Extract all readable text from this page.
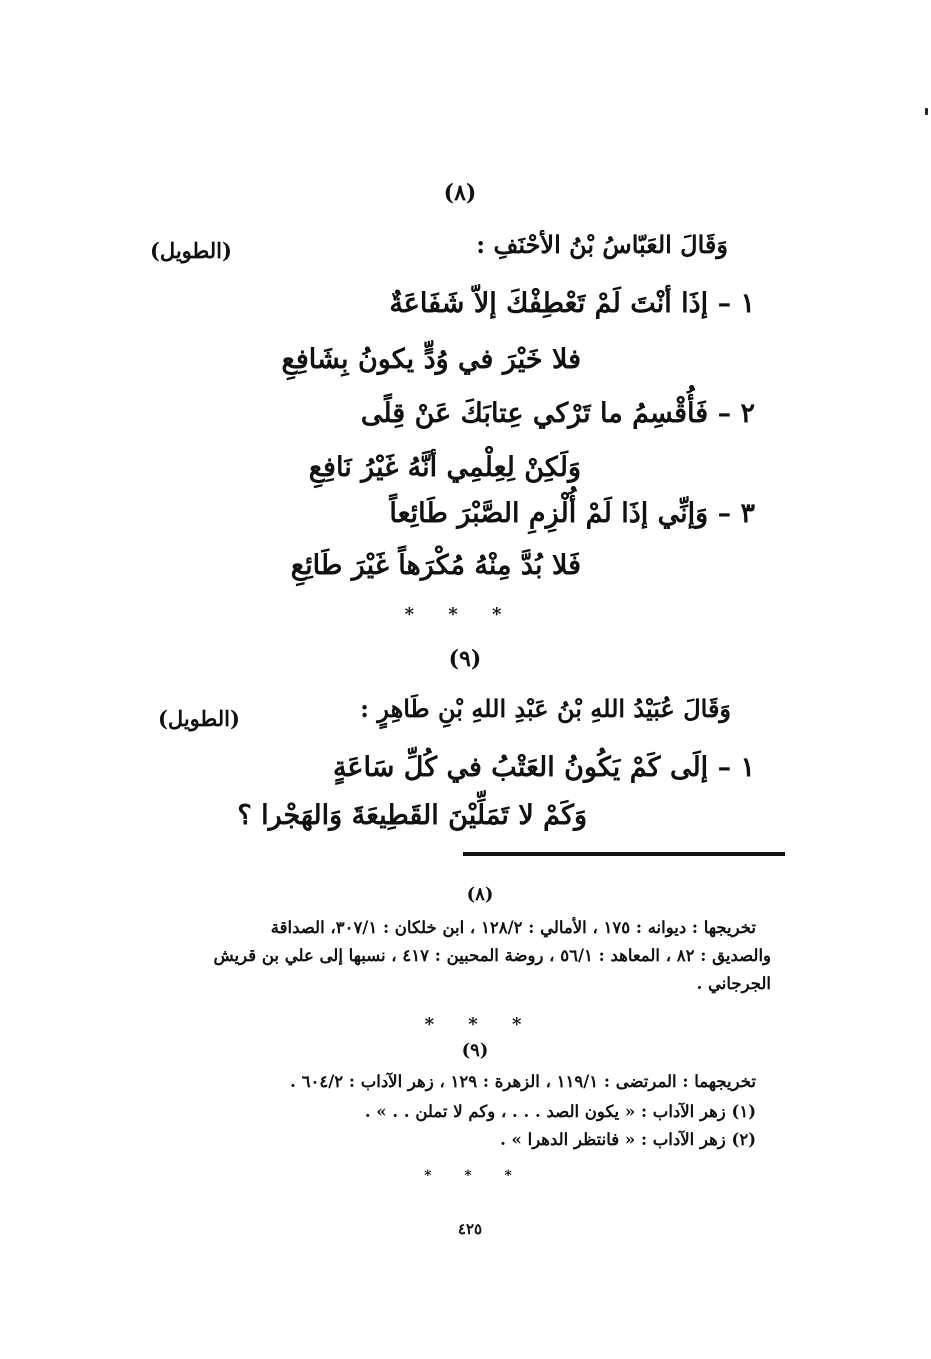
(٨)
وَقَالَ العَبّاسُ بْنُ الأحْنَفِ :
(الطويل)
١ – إذَا أنْتَ لَمْ تَعْطِفْكَ إلاّ شَفَاعَةٌ
فلا خَيْرَ في وُدٍّ يكونُ بِشَافِعِ
٢ – فَأُقْسِمُ ما تَرْكي عِتابَكَ عَنْ قِلًى
وَلَكِنْ لِعِلْمِي أنَّهُ غَيْرُ نَافِعِ
٣ – وَإنِّي إذَا لَمْ أُلْزِمِ الصَّبْرَ طَائِعاً
فَلا بُدَّ مِنْهُ مُكْرَهاً غَيْرَ طَائِعِ
* * *
(٩)
وَقَالَ عُبَيْدُ اللهِ بْنُ عَبْدِ اللهِ بْنِ طَاهِرٍ :
(الطويل)
١ – إلَى كَمْ يَكُونُ العَتْبُ في كُلِّ سَاعَةٍ
وَكَمْ لا تَمَلِّيْنَ القَطِيعَةَ وَالهَجْرا ؟
(٨)
تخريجها : ديوانه : ١٧٥ ، الأمالي : ١٢٨/٢ ، ابن خلكان : ٣٠٧/١، الصداقة
والصديق : ٨٢ ، المعاهد : ٥٦/١ ، روضة المحبين : ٤١٧ ، نسبها إلى علي بن قريش
الجرجاني .
* * *
(٩)
تخريجهما : المرتضى : ١١٩/١ ، الزهرة : ١٢٩ ، زهر الآداب : ٦٠٤/٢ .
(١) زهر الآداب : « يكون الصد . . . ، وكم لا تملن . . » .
(٢) زهر الآداب : « فانتظر الدهرا » .
* * *
٤٢٥
